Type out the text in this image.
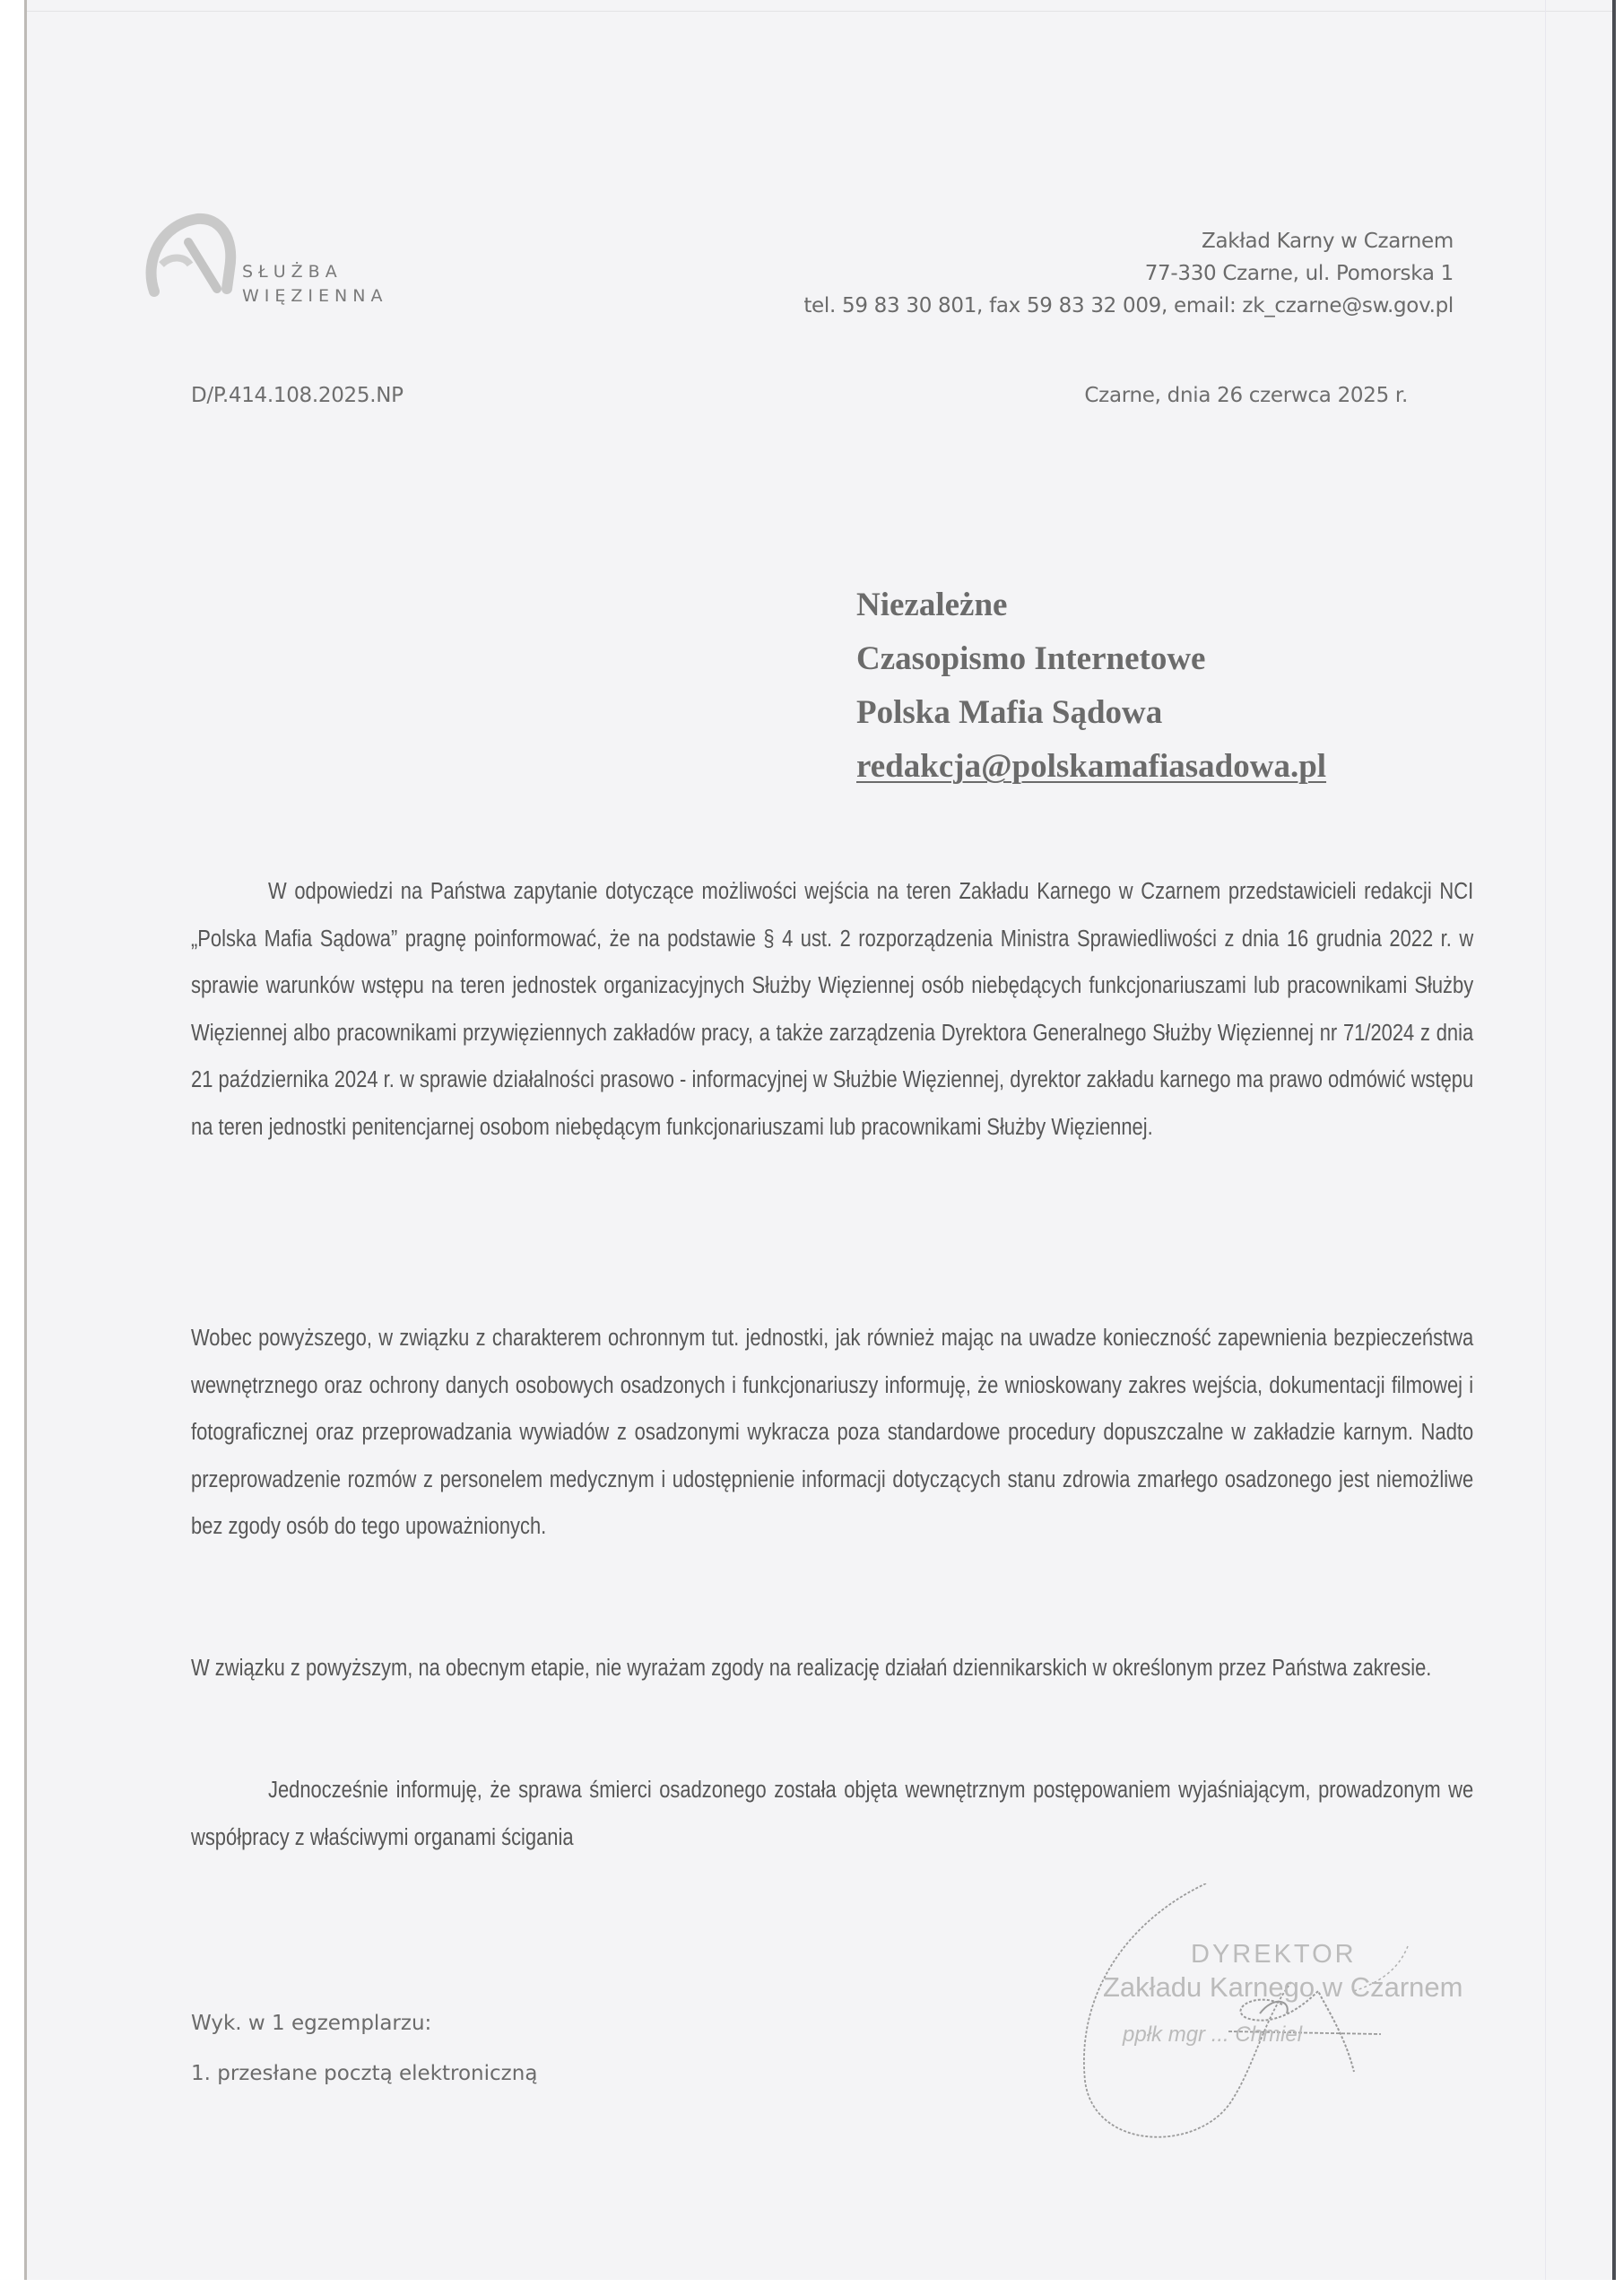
SŁUŻBA
WIĘZIENNA
Zakład Karny w Czarnem
77-330 Czarne, ul. Pomorska 1
tel. 59 83 30 801, fax 59 83 32 009, email: zk_czarne@sw.gov.pl
D/P.414.108.2025.NP	Czarne, dnia 26 czerwca 2025 r.
Niezależne
Czasopismo Internetowe
Polska Mafia Sądowa
redakcja@polskamafiasadowa.pl

W odpowiedzi na Państwa zapytanie dotyczące możliwości wejścia na teren Zakładu Karnego w Czarnem przedstawicieli redakcji NCI „Polska Mafia Sądowa” pragnę poinformować, że na podstawie § 4 ust. 2 rozporządzenia Ministra Sprawiedliwości z dnia 16 grudnia 2022 r. w sprawie warunków wstępu na teren jednostek organizacyjnych Służby Więziennej osób niebędących funkcjonariuszami lub pracownikami Służby Więziennej albo pracownikami przywięziennych zakładów pracy, a także zarządzenia Dyrektora Generalnego Służby Więziennej nr 71/2024 z dnia 21 października 2024 r. w sprawie działalności prasowo - informacyjnej w Służbie Więziennej, dyrektor zakładu karnego ma prawo odmówić wstępu na teren jednostki penitencjarnej osobom niebędącym funkcjonariuszami lub pracownikami Służby Więziennej.

Wobec powyższego, w związku z charakterem ochronnym tut. jednostki, jak również mając na uwadze konieczność zapewnienia bezpieczeństwa wewnętrznego oraz ochrony danych osobowych osadzonych i funkcjonariuszy informuję, że wnioskowany zakres wejścia, dokumentacji filmowej i fotograficznej oraz przeprowadzania wywiadów z osadzonymi wykracza poza standardowe procedury dopuszczalne w zakładzie karnym. Nadto przeprowadzenie rozmów z personelem medycznym i udostępnienie informacji dotyczących stanu zdrowia zmarłego osadzonego jest niemożliwe bez zgody osób do tego upoważnionych.

W związku z powyższym, na obecnym etapie, nie wyrażam zgody na realizację działań dziennikarskich w określonym przez Państwa zakresie.

Jednocześnie informuję, że sprawa śmierci osadzonego została objęta wewnętrznym postępowaniem wyjaśniającym, prowadzonym we współpracy z właściwymi organami ścigania

DYREKTOR
Zakładu Karnego w Czarnem
ppłk mgr ... Chmiel
Wyk. w 1 egzemplarzu:
1. przesłane pocztą elektroniczną
